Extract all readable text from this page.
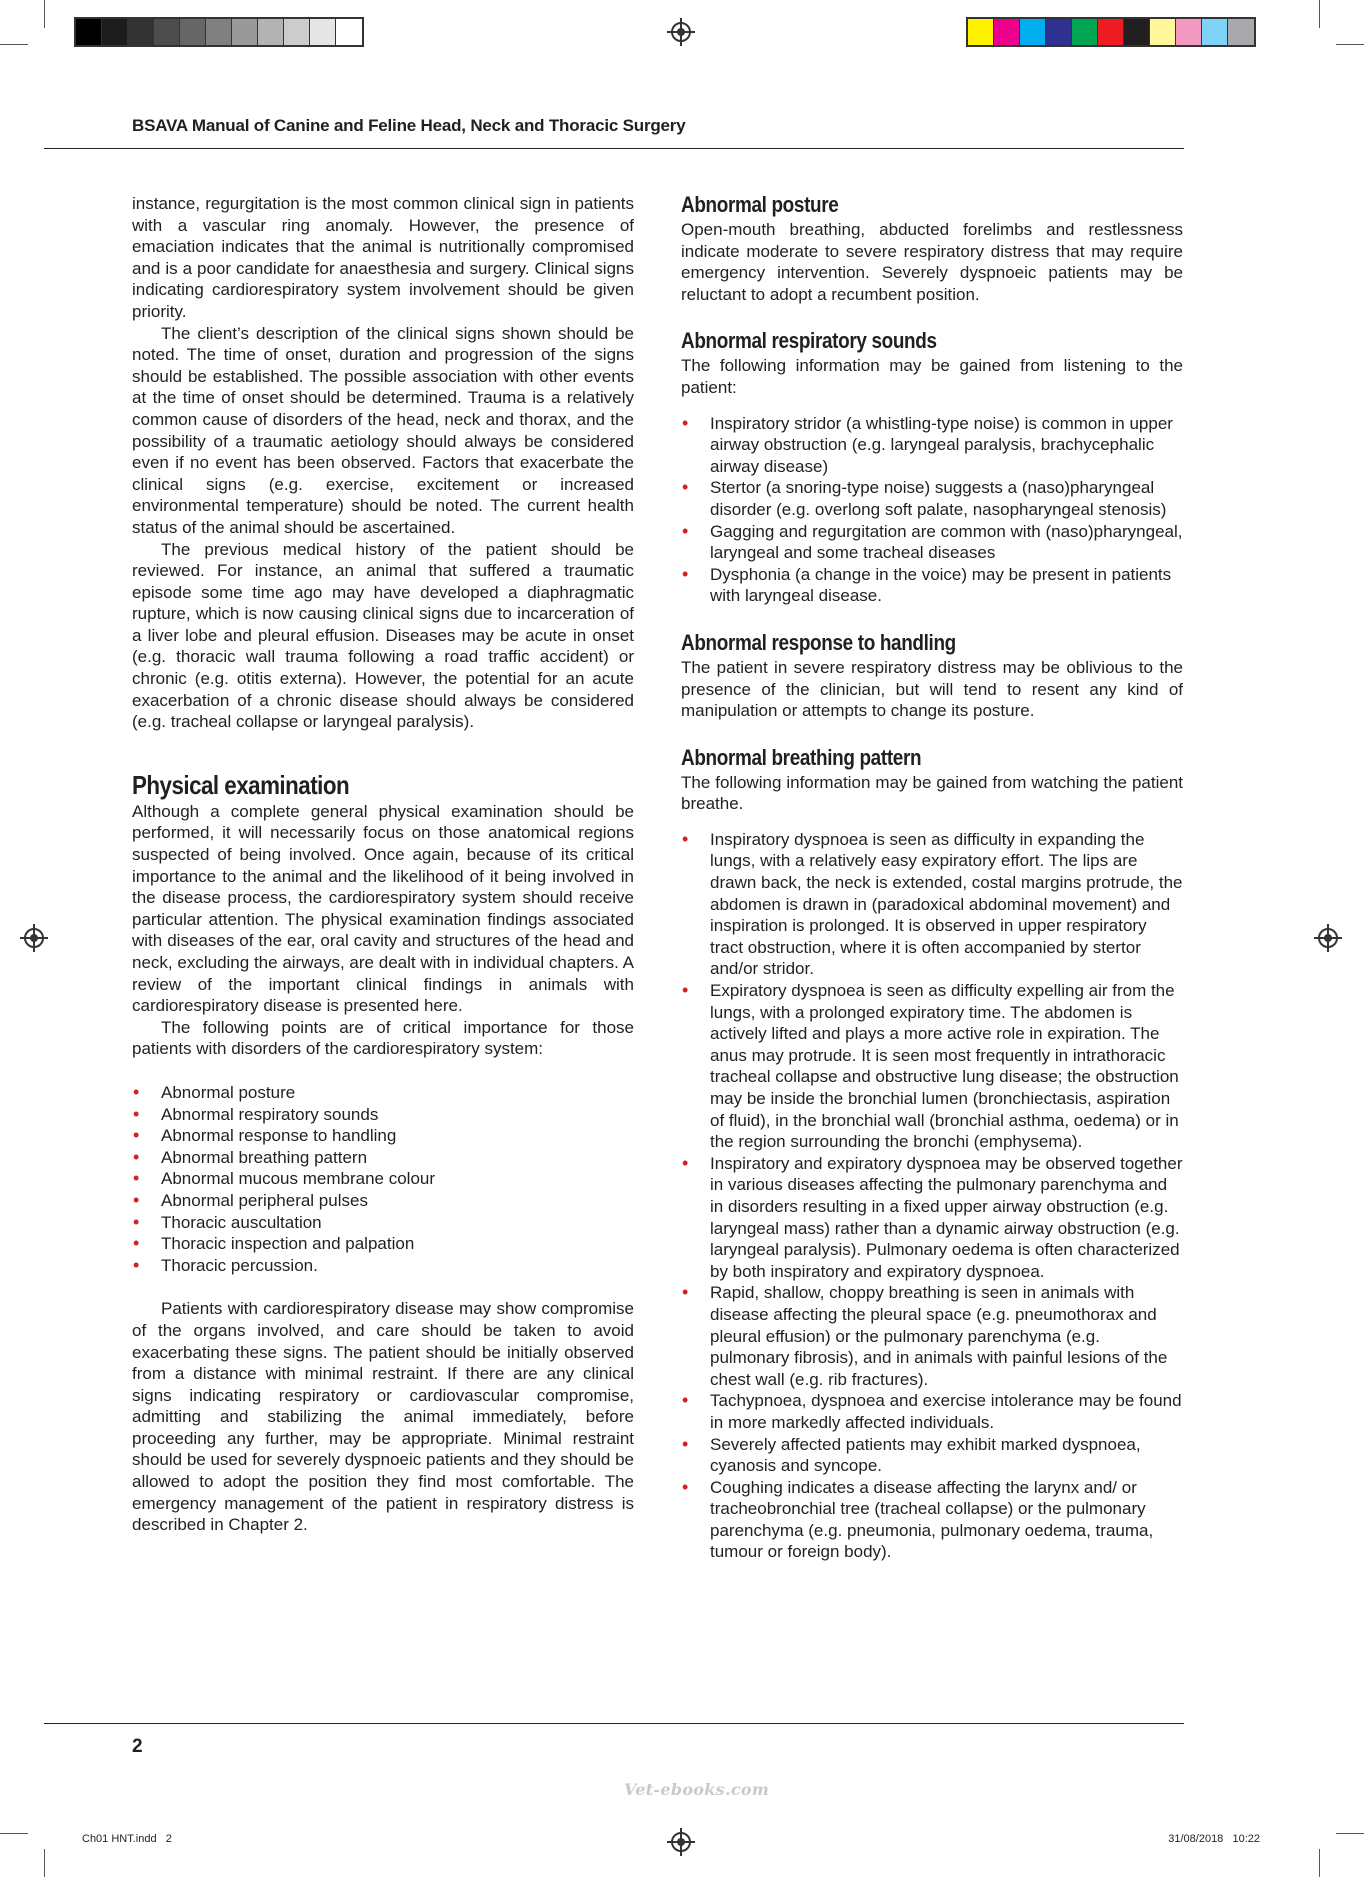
BSAVA Manual of Canine and Feline Head, Neck and Thoracic Surgery

instance, regurgitation is the most common clinical sign in patients with a vascular ring anomaly. However, the presence of emaciation indicates that the animal is nutritionally compromised and is a poor candidate for anaesthesia and surgery. Clinical signs indicating cardiorespiratory system involvement should be given priority.

The client’s description of the clinical signs shown should be noted. The time of onset, duration and progression of the signs should be established. The possible association with other events at the time of onset should be determined. Trauma is a relatively common cause of disorders of the head, neck and thorax, and the possibility of a traumatic aetiology should always be considered even if no event has been observed. Factors that exacerbate the clinical signs (e.g. exercise, excitement or increased environmental temperature) should be noted. The current health status of the animal should be ascertained.

The previous medical history of the patient should be reviewed. For instance, an animal that suffered a traumatic episode some time ago may have developed a diaphragmatic rupture, which is now causing clinical signs due to incarceration of a liver lobe and pleural effusion. Diseases may be acute in onset (e.g. thoracic wall trauma following a road traffic accident) or chronic (e.g. otitis externa). However, the potential for an acute exacerbation of a chronic disease should always be considered (e.g. tracheal collapse or laryngeal paralysis).

Physical examination

Although a complete general physical examination should be performed, it will necessarily focus on those anatomical regions suspected of being involved. Once again, because of its critical importance to the animal and the likelihood of it being involved in the disease process, the cardiorespiratory system should receive particular attention. The physical examination findings associated with diseases of the ear, oral cavity and structures of the head and neck, excluding the airways, are dealt with in individual chapters. A review of the important clinical findings in animals with cardiorespiratory disease is presented here.

The following points are of critical importance for those patients with disorders of the cardiorespiratory system:

• Abnormal posture
• Abnormal respiratory sounds
• Abnormal response to handling
• Abnormal breathing pattern
• Abnormal mucous membrane colour
• Abnormal peripheral pulses
• Thoracic auscultation
• Thoracic inspection and palpation
• Thoracic percussion.

Patients with cardiorespiratory disease may show compromise of the organs involved, and care should be taken to avoid exacerbating these signs. The patient should be initially observed from a distance with minimal restraint. If there are any clinical signs indicating respiratory or cardiovascular compromise, admitting and stabilizing the animal immediately, before proceeding any further, may be appropriate. Minimal restraint should be used for severely dyspnoeic patients and they should be allowed to adopt the position they find most comfortable. The emergency management of the patient in respiratory distress is described in Chapter 2.

Abnormal posture

Open-mouth breathing, abducted forelimbs and restlessness indicate moderate to severe respiratory distress that may require emergency intervention. Severely dyspnoeic patients may be reluctant to adopt a recumbent position.

Abnormal respiratory sounds

The following information may be gained from listening to the patient:

• Inspiratory stridor (a whistling-type noise) is common in upper airway obstruction (e.g. laryngeal paralysis, brachycephalic airway disease)
• Stertor (a snoring-type noise) suggests a (naso)pharyngeal disorder (e.g. overlong soft palate, nasopharyngeal stenosis)
• Gagging and regurgitation are common with (naso)pharyngeal, laryngeal and some tracheal diseases
• Dysphonia (a change in the voice) may be present in patients with laryngeal disease.
Abnormal response to handling

The patient in severe respiratory distress may be oblivious to the presence of the clinician, but will tend to resent any kind of manipulation or attempts to change its posture.

Abnormal breathing pattern

The following information may be gained from watching the patient breathe.

• Inspiratory dyspnoea is seen as difficulty in expanding the lungs, with a relatively easy expiratory effort. The lips are drawn back, the neck is extended, costal margins protrude, the abdomen is drawn in (paradoxical abdominal movement) and inspiration is prolonged. It is observed in upper respiratory tract obstruction, where it is often accompanied by stertor and/or stridor.
• Expiratory dyspnoea is seen as difficulty expelling air from the lungs, with a prolonged expiratory time. The abdomen is actively lifted and plays a more active role in expiration. The anus may protrude. It is seen most frequently in intrathoracic tracheal collapse and obstructive lung disease; the obstruction may be inside the bronchial lumen (bronchiectasis, aspiration of fluid), in the bronchial wall (bronchial asthma, oedema) or in the region surrounding the bronchi (emphysema).
• Inspiratory and expiratory dyspnoea may be observed together in various diseases affecting the pulmonary parenchyma and in disorders resulting in a fixed upper airway obstruction (e.g. laryngeal mass) rather than a dynamic airway obstruction (e.g. laryngeal paralysis). Pulmonary oedema is often characterized by both inspiratory and expiratory dyspnoea.
• Rapid, shallow, choppy breathing is seen in animals with disease affecting the pleural space (e.g. pneumothorax and pleural effusion) or the pulmonary parenchyma (e.g. pulmonary fibrosis), and in animals with painful lesions of the chest wall (e.g. rib fractures).
• Tachypnoea, dyspnoea and exercise intolerance may be found in more markedly affected individuals.
• Severely affected patients may exhibit marked dyspnoea, cyanosis and syncope.
• Coughing indicates a disease affecting the larynx and/ or tracheobronchial tree (tracheal collapse) or the pulmonary parenchyma (e.g. pneumonia, pulmonary oedema, trauma, tumour or foreign body).
2
Vet-ebooks.com
Ch01 HNT.indd   2	31/08/2018   10:22
